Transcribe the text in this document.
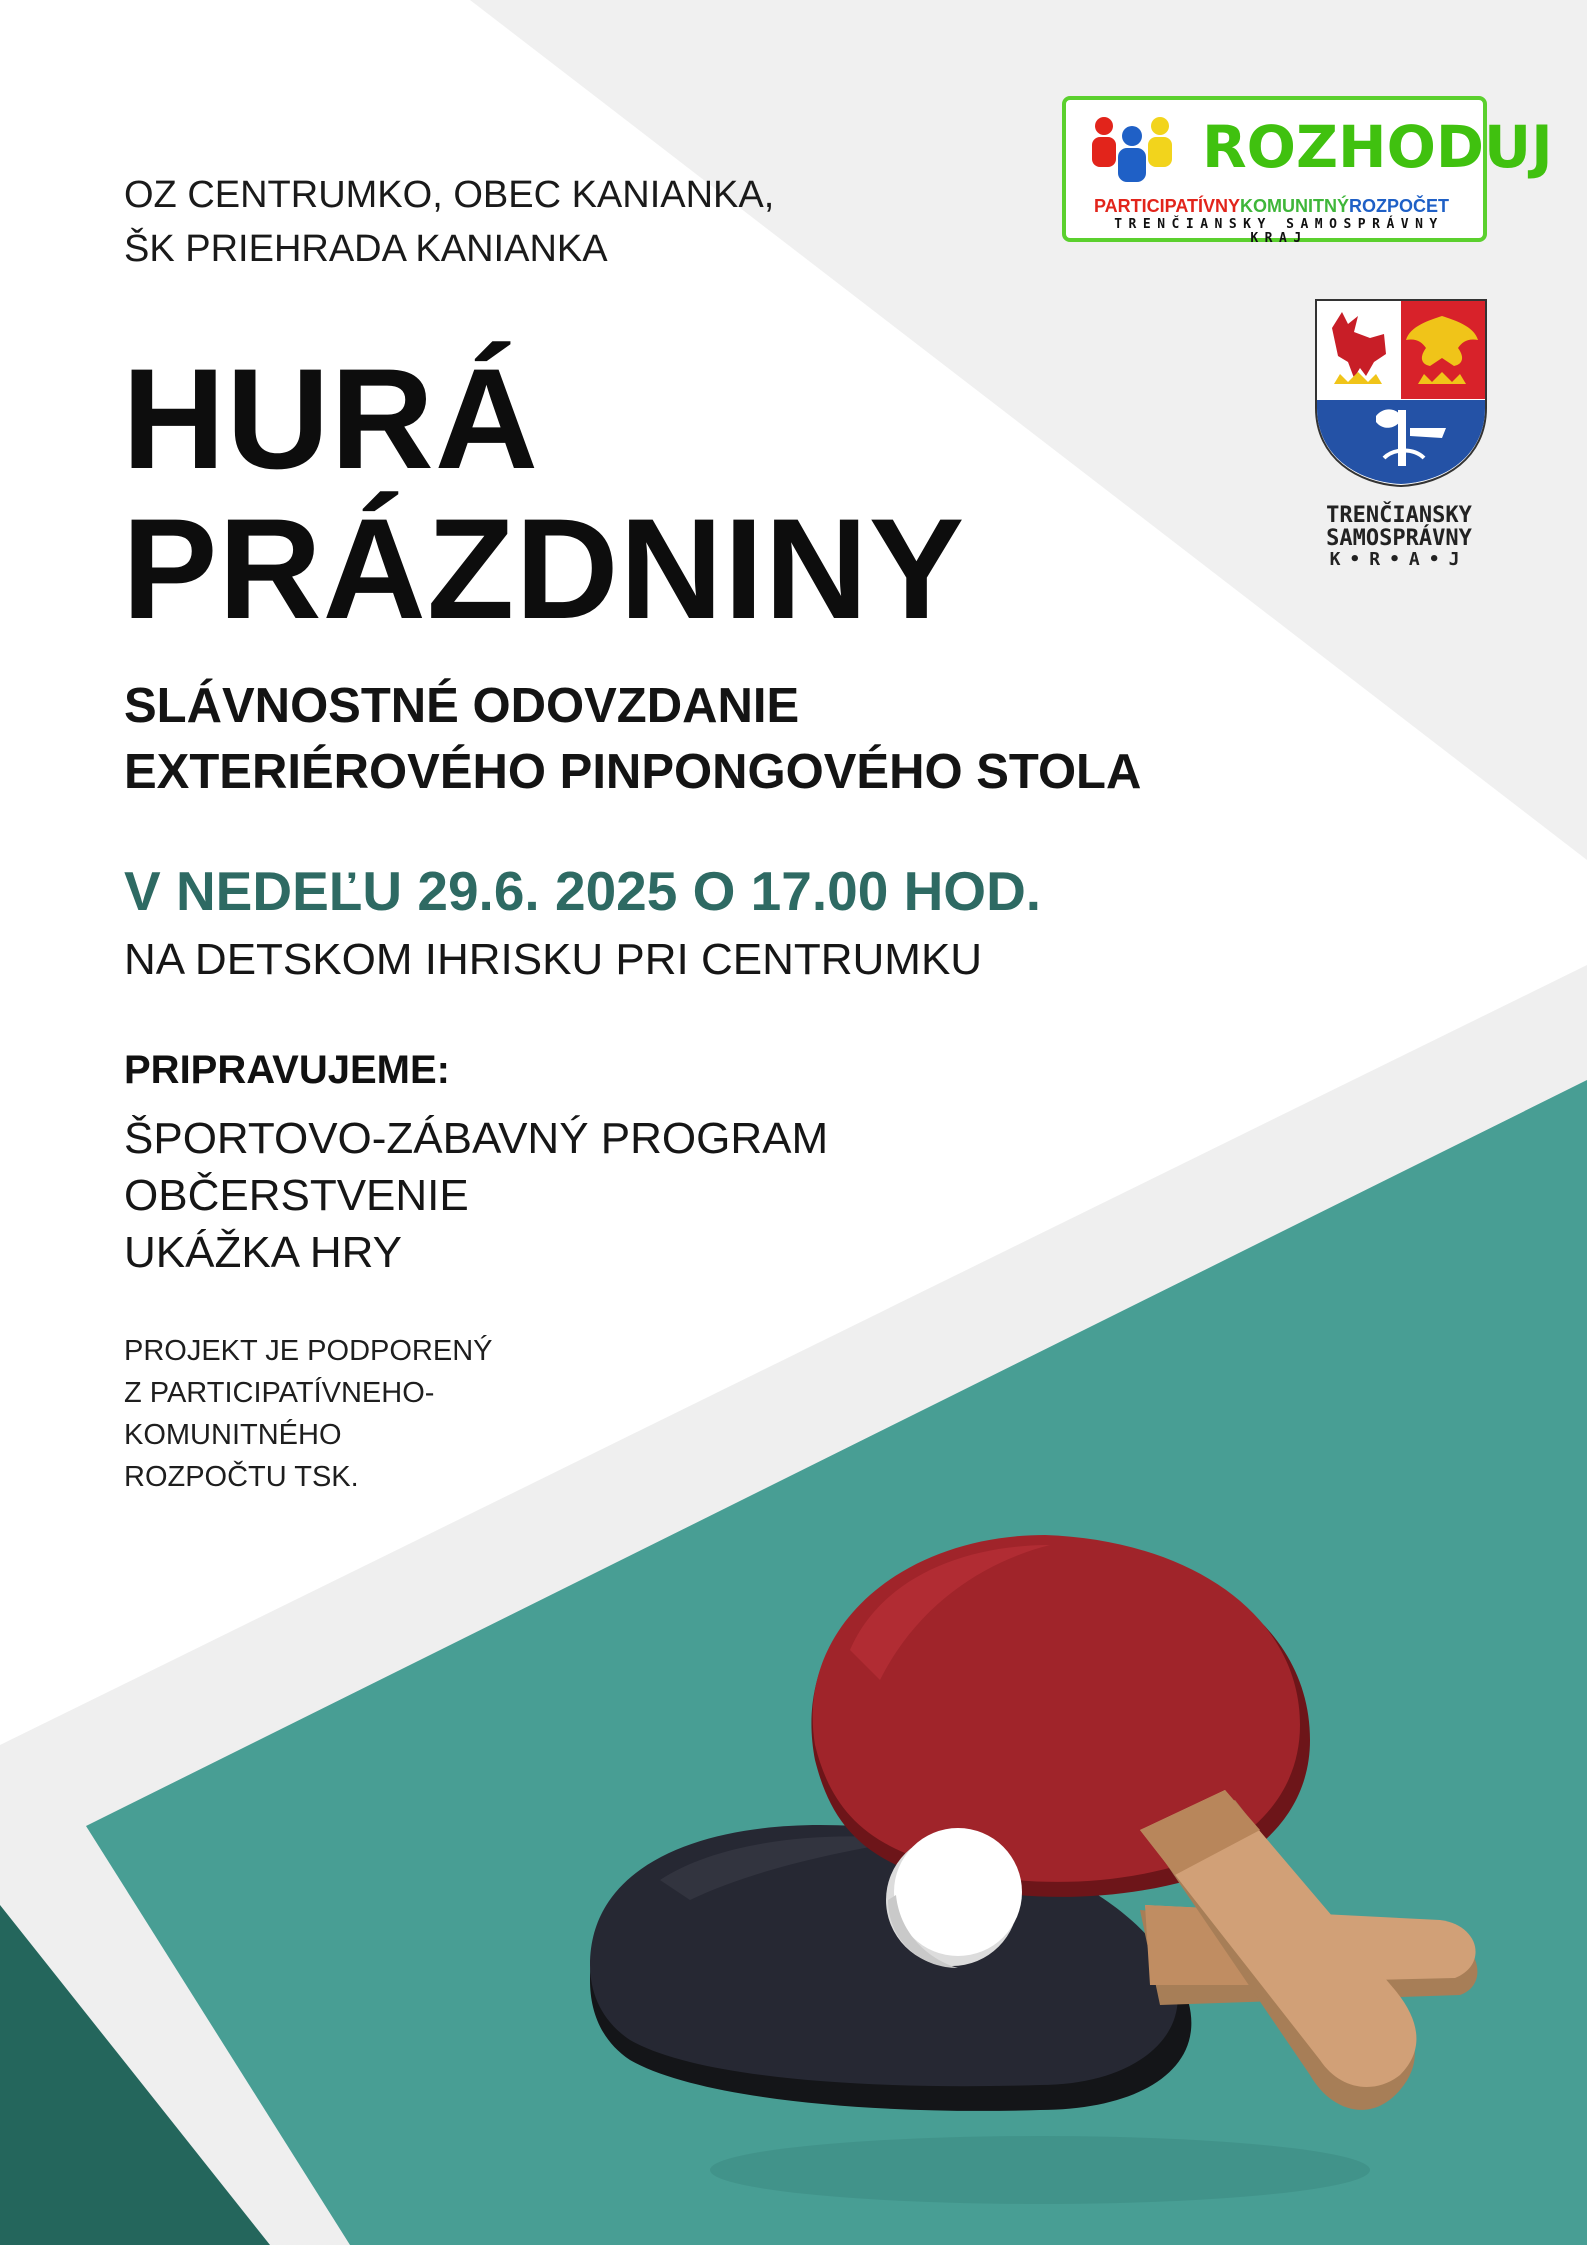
OZ CENTRUMKO, OBEC KANIANKA,
ŠK PRIEHRADA KANIANKA
HURÁ
PRÁZDNINY
SLÁVNOSTNÉ ODOVZDANIE
EXTERIÉROVÉHO PINPONGOVÉHO STOLA
V NEDEĽU 29.6. 2025 O 17.00 HOD.
NA DETSKOM IHRISKU PRI CENTRUMKU
PRIPRAVUJEME:
ŠPORTOVO-ZÁBAVNÝ PROGRAM
OBČERSTVENIE
UKÁŽKA HRY
PROJEKT JE PODPORENÝ
Z PARTICIPATÍVNEHO-
KOMUNITNÉHO
ROZPOČTU TSK.
ROZHODUJ
PARTICIPATÍVNYKOMUNITNÝROZPOČET
TRENČIANSKY SAMOSPRÁVNY KRAJ
TRENČIANSKY
SAMOSPRÁVNY
K•R•A•J
